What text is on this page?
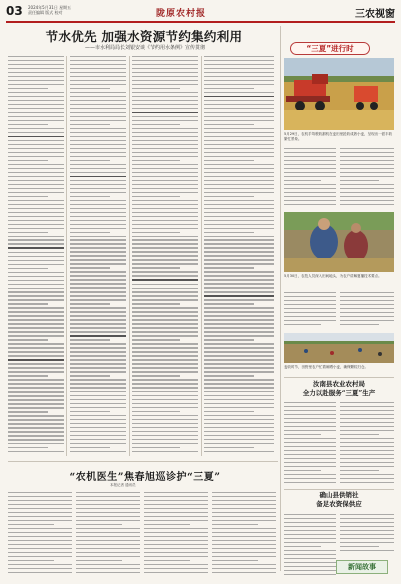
03 2024年5月31日 星期五
责任编辑 版式 校对	陇原农村报	三农视窗
节水优先 加强水资源节约集约利用
——市水利局局长刘银安谈《节约用水条例》宣传贯彻	“三夏”进行时
5月29日，农机手驾驶收割机在麦田里抢收成熟小麦，呈现出一派丰收繁忙景象。
5月30日，农技人员深入田间地头，为农户讲解夏播技术要点。
麦收时节，田野里农户忙着晾晒小麦，确保颗粒归仓。
汝南县农业农村局
全力以赴服务“三夏”生产
确山县供销社
备足农资保供应
“农机医生”焦春旭巡诊护“三夏”
本报记者 通讯员
新闻故事
